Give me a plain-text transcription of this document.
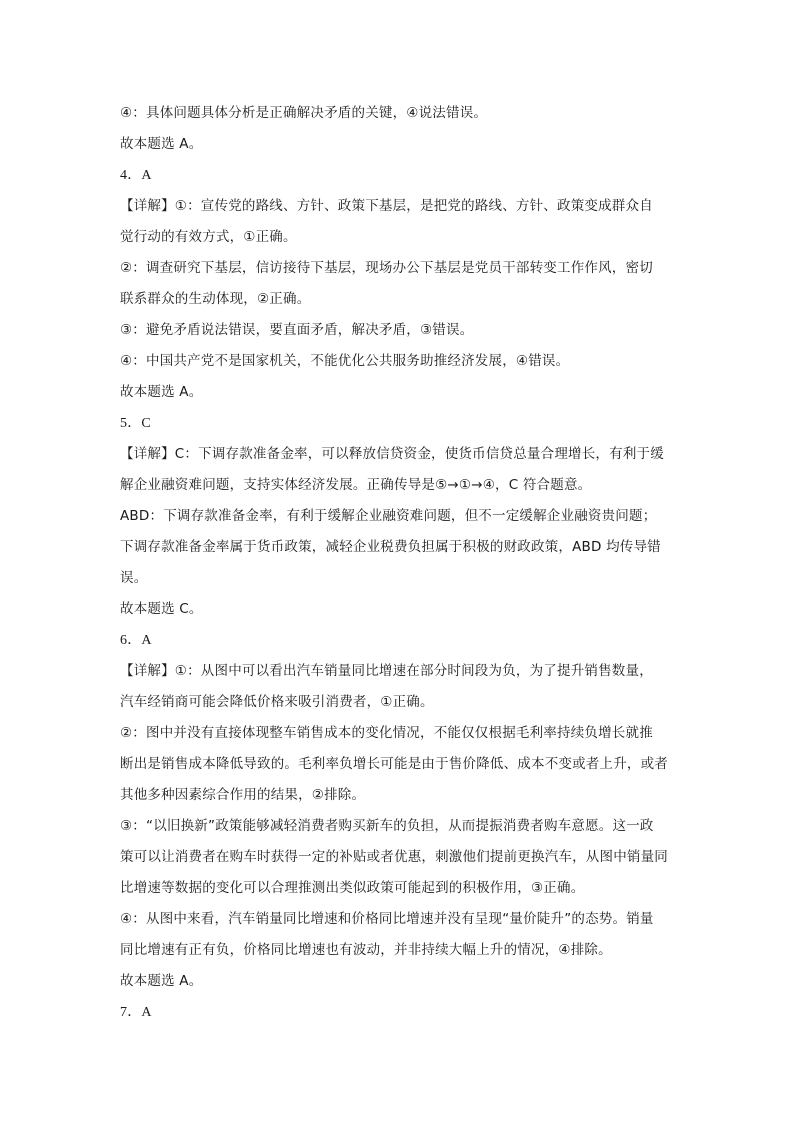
④：具体问题具体分析是正确解决矛盾的关键，④说法错误。
故本题选 A。
4．A
【详解】①：宣传党的路线、方针、政策下基层，是把党的路线、方针、政策变成群众自
觉行动的有效方式，①正确。
②：调查研究下基层，信访接待下基层，现场办公下基层是党员干部转变工作作风，密切
联系群众的生动体现，②正确。
③：避免矛盾说法错误，要直面矛盾，解决矛盾，③错误。
④：中国共产党不是国家机关，不能优化公共服务助推经济发展，④错误。
故本题选 A。
5．C
【详解】C：下调存款准备金率，可以释放信贷资金，使货币信贷总量合理增长，有利于缓
解企业融资难问题，支持实体经济发展。正确传导是⑤→①→④，C 符合题意。
ABD：下调存款准备金率，有利于缓解企业融资难问题，但不一定缓解企业融资贵问题；
下调存款准备金率属于货币政策，减轻企业税费负担属于积极的财政政策，ABD 均传导错
误。
故本题选 C。
6．A
【详解】①：从图中可以看出汽车销量同比增速在部分时间段为负，为了提升销售数量，
汽车经销商可能会降低价格来吸引消费者，①正确。
②：图中并没有直接体现整车销售成本的变化情况，不能仅仅根据毛利率持续负增长就推
断出是销售成本降低导致的。毛利率负增长可能是由于售价降低、成本不变或者上升，或者
其他多种因素综合作用的结果，②排除。
③：“以旧换新”政策能够减轻消费者购买新车的负担，从而提振消费者购车意愿。这一政
策可以让消费者在购车时获得一定的补贴或者优惠，刺激他们提前更换汽车，从图中销量同
比增速等数据的变化可以合理推测出类似政策可能起到的积极作用，③正确。
④：从图中来看，汽车销量同比增速和价格同比增速并没有呈现“量价陡升”的态势。销量
同比增速有正有负，价格同比增速也有波动，并非持续大幅上升的情况，④排除。
故本题选 A。
7．A
